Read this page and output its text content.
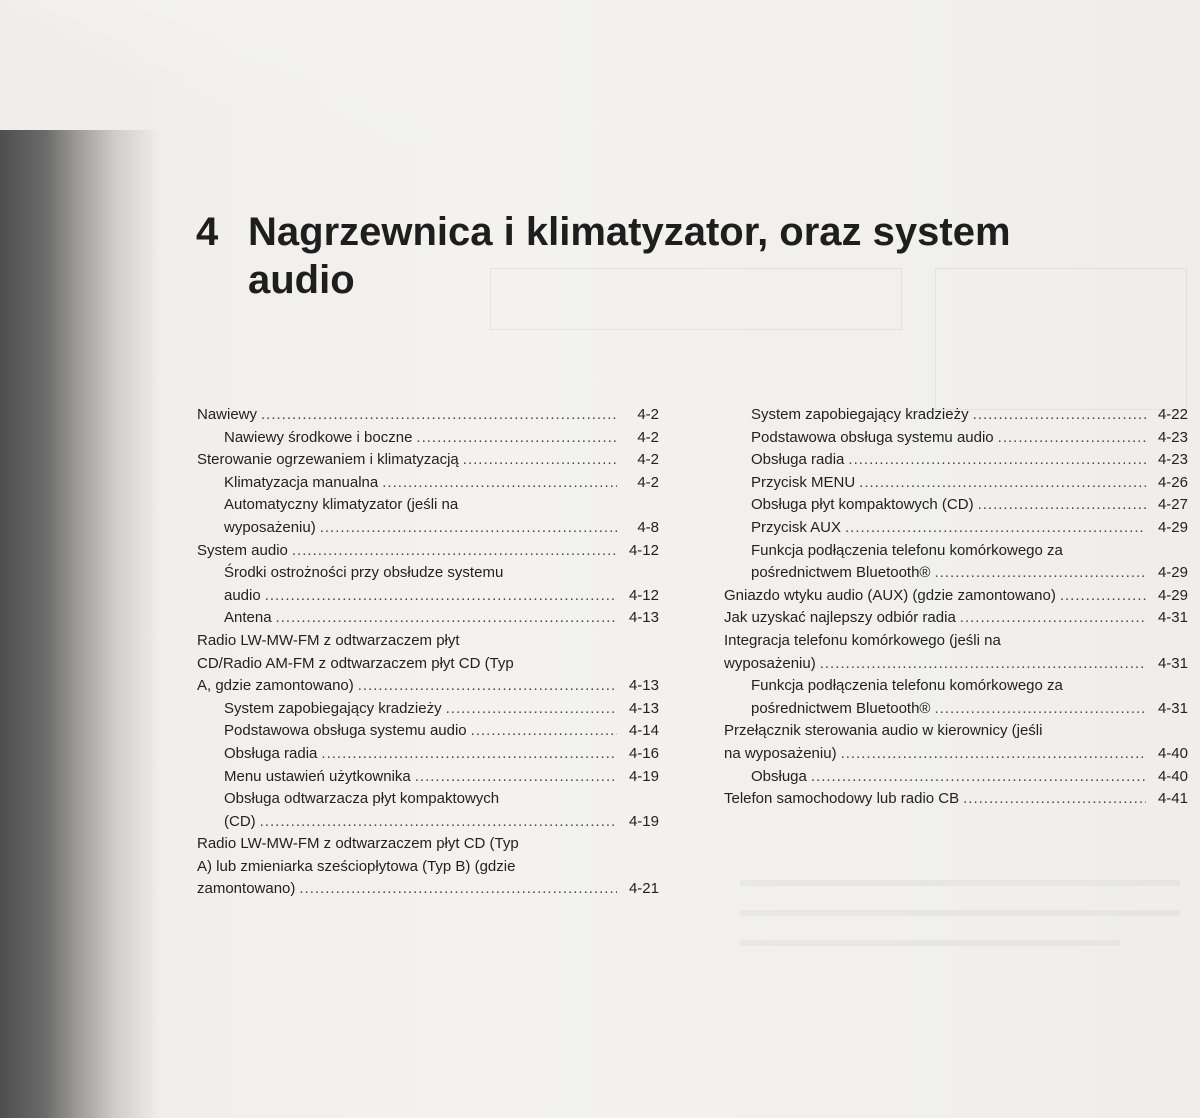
4 Nagrzewnica i klimatyzator, oraz system
audio
Nawiewy .....	4-2
Nawiewy środkowe i boczne .....	4-2
Sterowanie ogrzewaniem i klimatyzacją .....	4-2
Klimatyzacja manualna .....	4-2
Automatyczny klimatyzator (jeśli na
wyposażeniu) .....	4-8
System audio .....	4-12
Środki ostrożności przy obsłudze systemu
audio .....	4-12
Antena .....	4-13
Radio LW-MW-FM z odtwarzaczem płyt
CD/Radio AM-FM z odtwarzaczem płyt CD (Typ
A, gdzie zamontowano) .....	4-13
System zapobiegający kradzieży .....	4-13
Podstawowa obsługa systemu audio .....	4-14
Obsługa radia .....	4-16
Menu ustawień użytkownika .....	4-19
Obsługa odtwarzacza płyt kompaktowych
(CD) .....	4-19
Radio LW-MW-FM z odtwarzaczem płyt CD (Typ
A) lub zmieniarka sześciopłytowa (Typ B) (gdzie
zamontowano) .....	4-21
System zapobiegający kradzieży .....	4-22
Podstawowa obsługa systemu audio .....	4-23
Obsługa radia .....	4-23
Przycisk MENU .....	4-26
Obsługa płyt kompaktowych (CD) .....	4-27
Przycisk AUX .....	4-29
Funkcja podłączenia telefonu komórkowego za
pośrednictwem Bluetooth® .....	4-29
Gniazdo wtyku audio (AUX) (gdzie zamontowano) .....	4-29
Jak uzyskać najlepszy odbiór radia .....	4-31
Integracja telefonu komórkowego (jeśli na
wyposażeniu) .....	4-31
Funkcja podłączenia telefonu komórkowego za
pośrednictwem Bluetooth® .....	4-31
Przełącznik sterowania audio w kierownicy (jeśli
na wyposażeniu) .....	4-40
Obsługa .....	4-40
Telefon samochodowy lub radio CB .....	4-41
